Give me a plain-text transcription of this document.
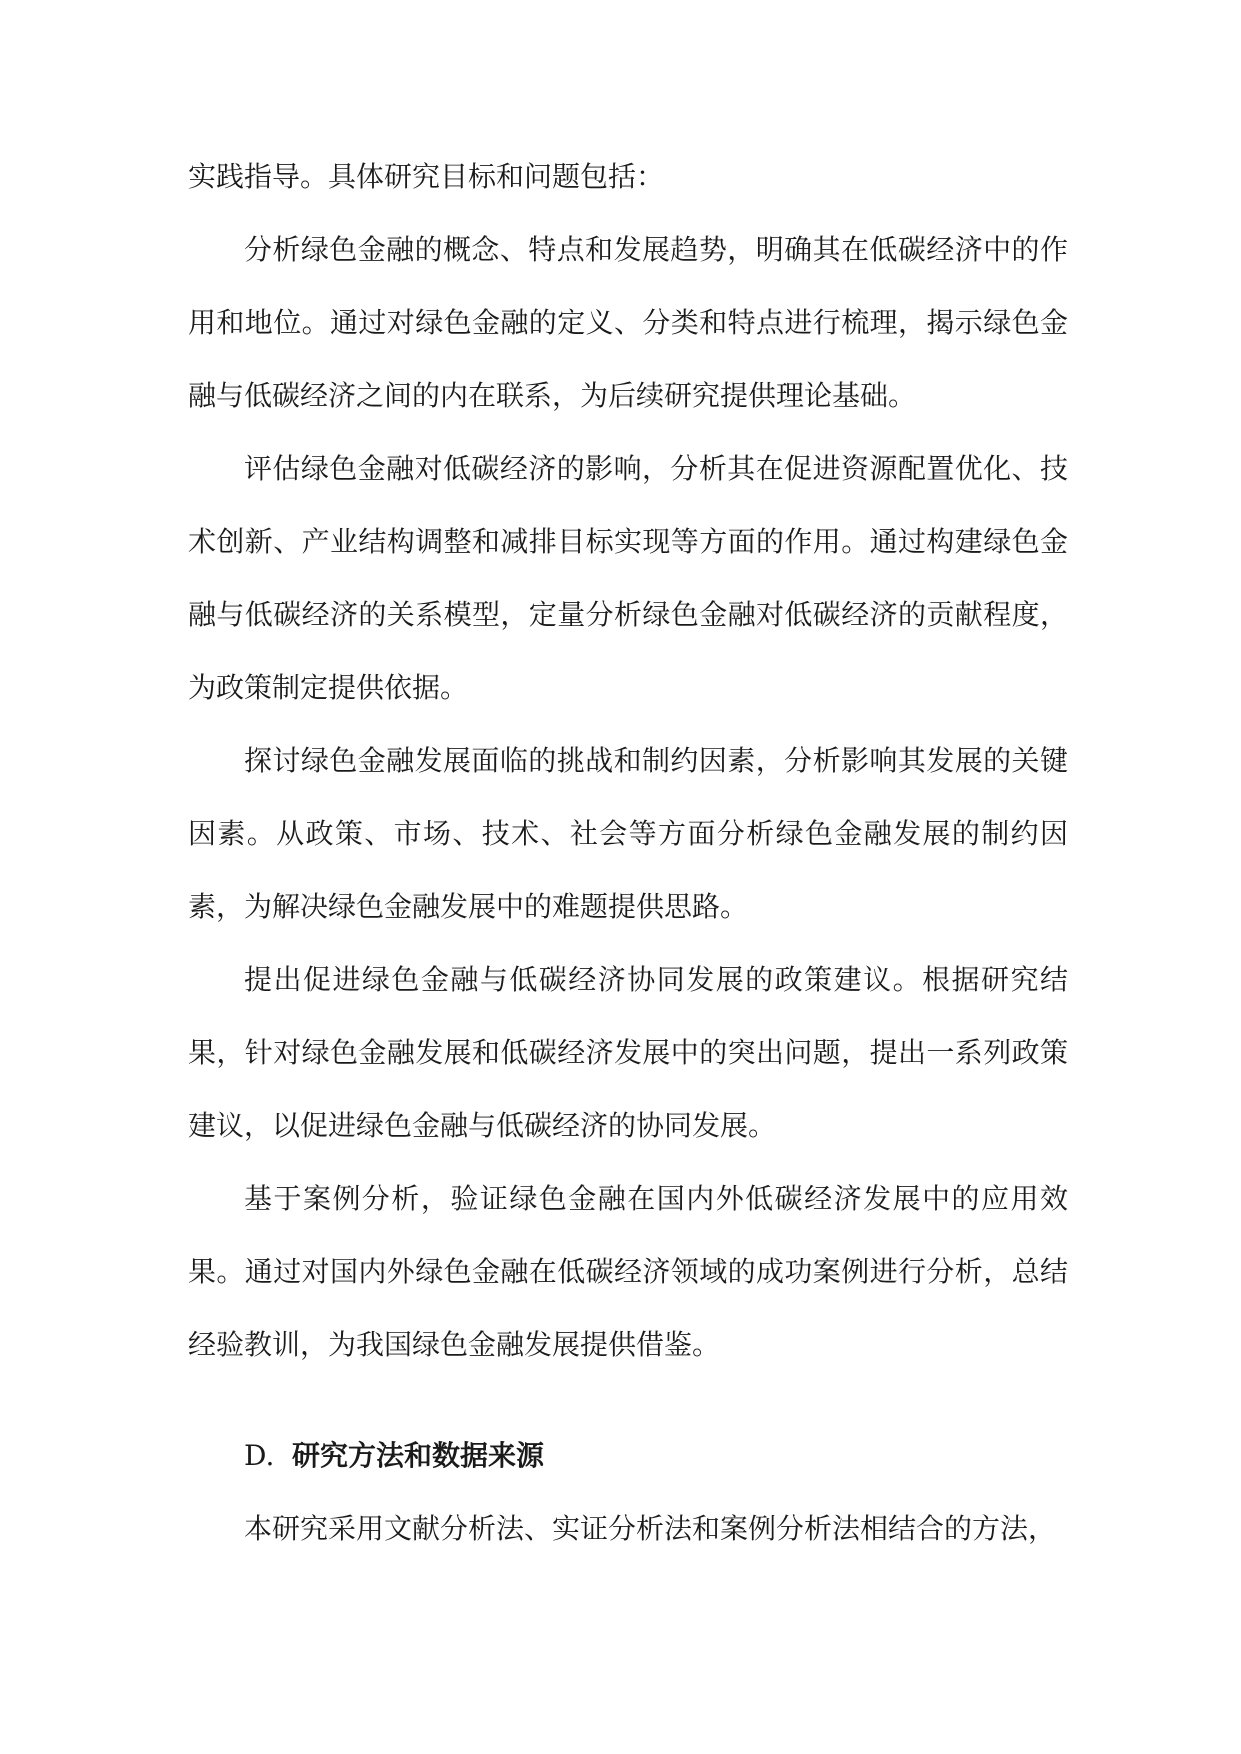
实践指导。具体研究目标和问题包括：

分析绿色金融的概念、特点和发展趋势，明确其在低碳经济中的作用和地位。通过对绿色金融的定义、分类和特点进行梳理，揭示绿色金融与低碳经济之间的内在联系，为后续研究提供理论基础。

评估绿色金融对低碳经济的影响，分析其在促进资源配置优化、技术创新、产业结构调整和减排目标实现等方面的作用。通过构建绿色金融与低碳经济的关系模型，定量分析绿色金融对低碳经济的贡献程度，为政策制定提供依据。

探讨绿色金融发展面临的挑战和制约因素，分析影响其发展的关键因素。从政策、市场、技术、社会等方面分析绿色金融发展的制约因素，为解决绿色金融发展中的难题提供思路。

提出促进绿色金融与低碳经济协同发展的政策建议。根据研究结果，针对绿色金融发展和低碳经济发展中的突出问题，提出一系列政策建议，以促进绿色金融与低碳经济的协同发展。

基于案例分析，验证绿色金融在国内外低碳经济发展中的应用效果。通过对国内外绿色金融在低碳经济领域的成功案例进行分析，总结经验教训，为我国绿色金融发展提供借鉴。

D. 研究方法和数据来源

本研究采用文献分析法、实证分析法和案例分析法相结合的方法，
